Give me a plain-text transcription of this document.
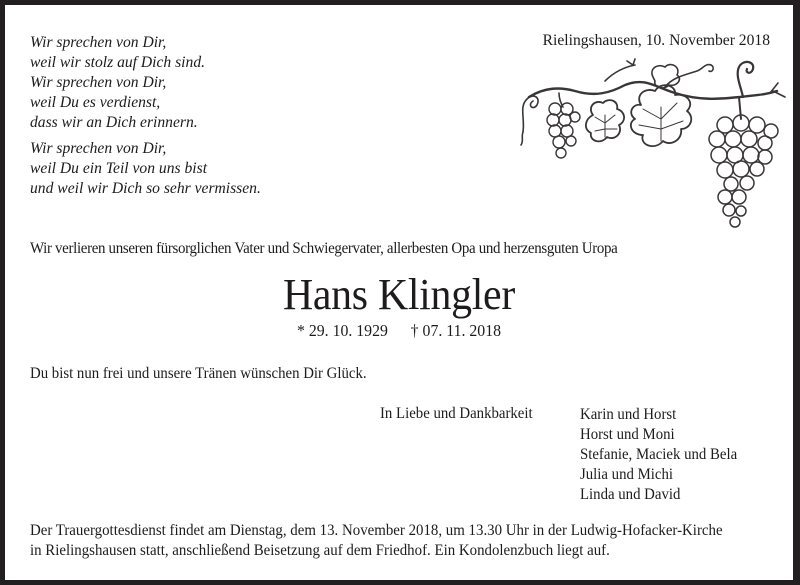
Wir sprechen von Dir,
weil wir stolz auf Dich sind.
Wir sprechen von Dir,
weil Du es verdienst,
dass wir an Dich erinnern.
Wir sprechen von Dir,
weil Du ein Teil von uns bist
und weil wir Dich so sehr vermissen.
Rielingshausen, 10. November 2018
Wir verlieren unseren fürsorglichen Vater und Schwiegervater, allerbesten Opa und herzensguten Uropa
Hans Klingler
* 29. 10. 1929 † 07. 11. 2018
Du bist nun frei und unsere Tränen wünschen Dir Glück.
In Liebe und Dankbarkeit	Karin und Horst
Horst und Moni
Stefanie, Maciek und Bela
Julia und Michi
Linda und David
Der Trauergottesdienst findet am Dienstag, dem 13. November 2018, um 13.30 Uhr in der Ludwig-Hofacker-Kirche
in Rielingshausen statt, anschließend Beisetzung auf dem Friedhof. Ein Kondolenzbuch liegt auf.
